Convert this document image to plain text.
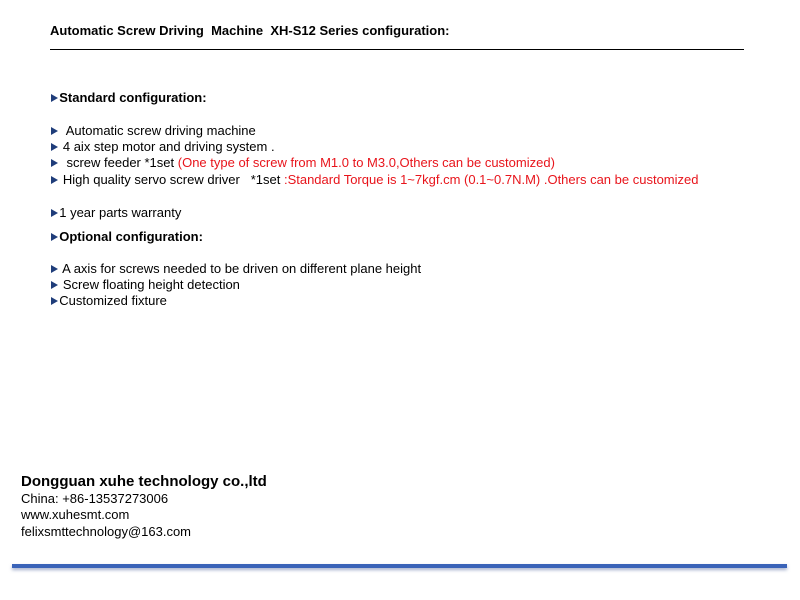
Automatic Screw Driving  Machine  XH-S12 Series configuration:

Standard configuration:

Automatic screw driving machine

4 aix step motor and driving system .

screw feeder *1set (One type of screw from M1.0 to M3.0,Others can be customized)

High quality servo screw driver   *1set :Standard Torque is 1~7kgf.cm (0.1~0.7N.M) .Others can be customized

1 year parts warranty

Optional configuration:

A axis for screws needed to be driven on different plane height

Screw floating height detection

Customized fixture

Dongguan xuhe technology co.,ltd
China: +86-13537273006
www.xuhesmt.com
felixsmttechnology@163.com
